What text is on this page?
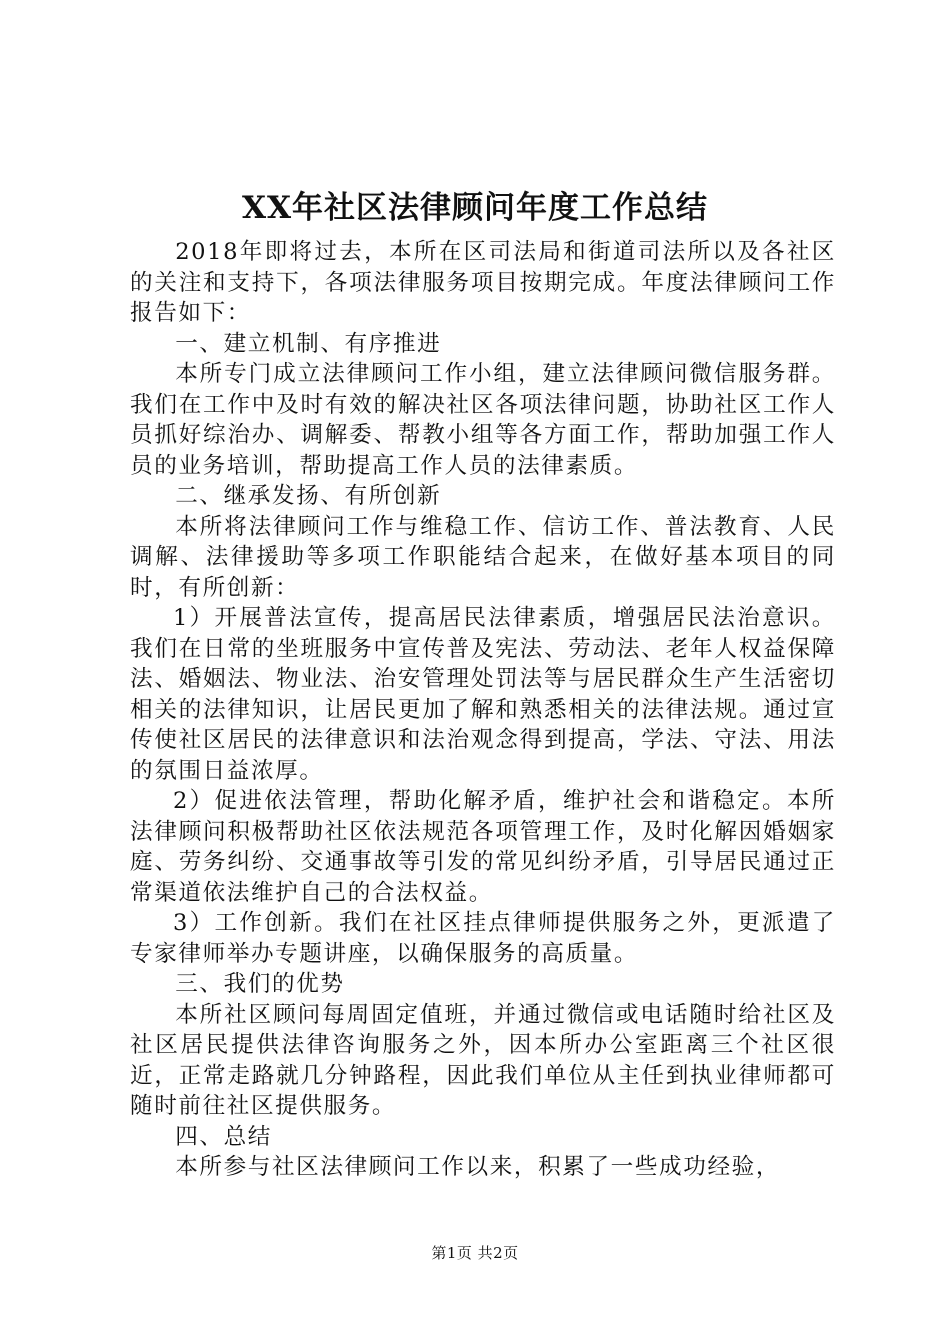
XX年社区法律顾问年度工作总结

2018年即将过去，本所在区司法局和街道司法所以及各社区的关注和支持下，各项法律服务项目按期完成。年度法律顾问工作报告如下：

一、建立机制、有序推进

本所专门成立法律顾问工作小组，建立法律顾问微信服务群。我们在工作中及时有效的解决社区各项法律问题，协助社区工作人员抓好综治办、调解委、帮教小组等各方面工作，帮助加强工作人员的业务培训，帮助提高工作人员的法律素质。

二、继承发扬、有所创新

本所将法律顾问工作与维稳工作、信访工作、普法教育、人民调解、法律援助等多项工作职能结合起来，在做好基本项目的同时，有所创新：

1）开展普法宣传，提高居民法律素质，增强居民法治意识。我们在日常的坐班服务中宣传普及宪法、劳动法、老年人权益保障法、婚姻法、物业法、治安管理处罚法等与居民群众生产生活密切相关的法律知识，让居民更加了解和熟悉相关的法律法规。通过宣传使社区居民的法律意识和法治观念得到提高，学法、守法、用法的氛围日益浓厚。

2）促进依法管理，帮助化解矛盾，维护社会和谐稳定。本所法律顾问积极帮助社区依法规范各项管理工作，及时化解因婚姻家庭、劳务纠纷、交通事故等引发的常见纠纷矛盾，引导居民通过正常渠道依法维护自己的合法权益。

3）工作创新。我们在社区挂点律师提供服务之外，更派遣了专家律师举办专题讲座，以确保服务的高质量。

三、我们的优势

本所社区顾问每周固定值班，并通过微信或电话随时给社区及社区居民提供法律咨询服务之外，因本所办公室距离三个社区很近，正常走路就几分钟路程，因此我们单位从主任到执业律师都可随时前往社区提供服务。

四、总结

本所参与社区法律顾问工作以来，积累了一些成功经验，

第1页 共2页
